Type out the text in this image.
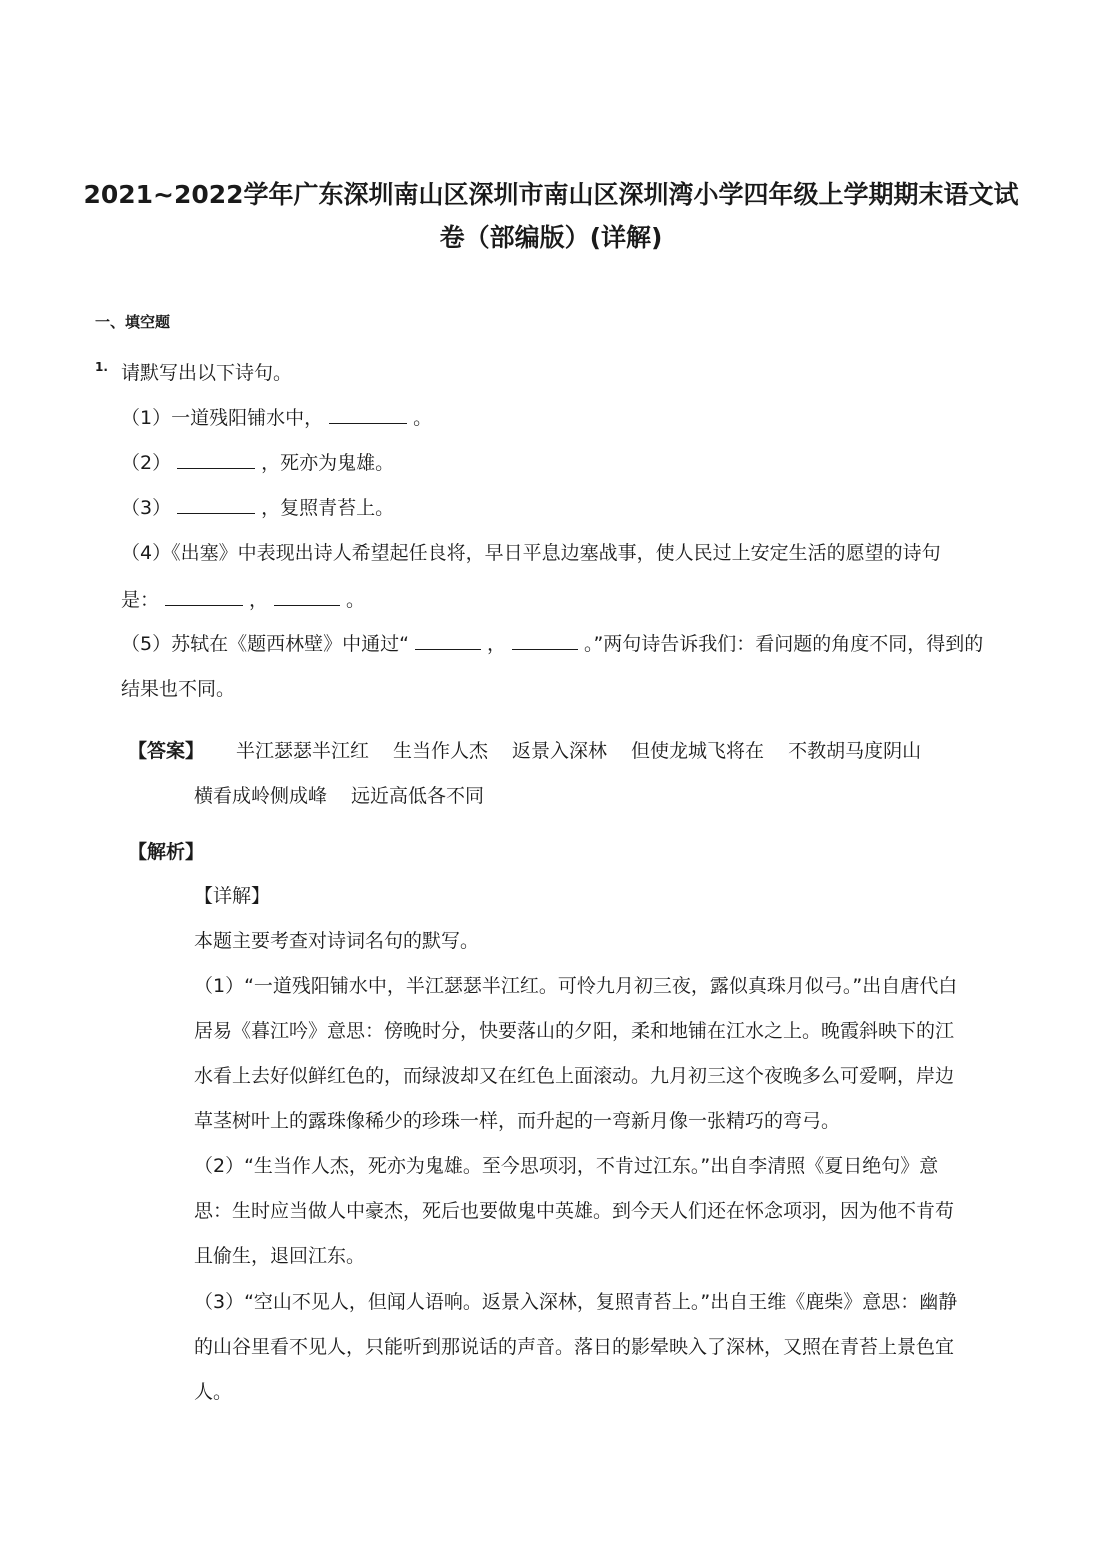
2021~2022学年广东深圳南山区深圳市南山区深圳湾小学四年级上学期期末语文试
卷（部编版）(详解)
一、填空题
1. 请默写出以下诗句。
（1）一道残阳铺水中，	。
（2）	，死亦为鬼雄。
（3）	，复照青苔上。
（4）《出塞》中表现出诗人希望起任良将，早日平息边塞战事，使人民过上安定生活的愿望的诗句
是：	，	。
（5）苏轼在《题西林壁》中通过“	，	。”两句诗告诉我们：看问题的角度不同，得到的
结果也不同。
【答案】 半江瑟瑟半江红 生当作人杰 返景入深林 但使龙城飞将在 不教胡马度阴山
横看成岭侧成峰 远近高低各不同
【解析】
【详解】
本题主要考查对诗词名句的默写。
（1）“一道残阳铺水中，半江瑟瑟半江红。可怜九月初三夜，露似真珠月似弓。”出自唐代白
居易《暮江吟》意思：傍晚时分，快要落山的夕阳，柔和地铺在江水之上。晚霞斜映下的江
水看上去好似鲜红色的，而绿波却又在红色上面滚动。九月初三这个夜晚多么可爱啊，岸边
草茎树叶上的露珠像稀少的珍珠一样，而升起的一弯新月像一张精巧的弯弓。
（2）“生当作人杰，死亦为鬼雄。至今思项羽，不肯过江东。”出自李清照《夏日绝句》意
思：生时应当做人中豪杰，死后也要做鬼中英雄。到今天人们还在怀念项羽，因为他不肯苟
且偷生，退回江东。
（3）“空山不见人，但闻人语响。返景入深林，复照青苔上。”出自王维《鹿柴》意思：幽静
的山谷里看不见人，只能听到那说话的声音。落日的影晕映入了深林，又照在青苔上景色宜
人。
